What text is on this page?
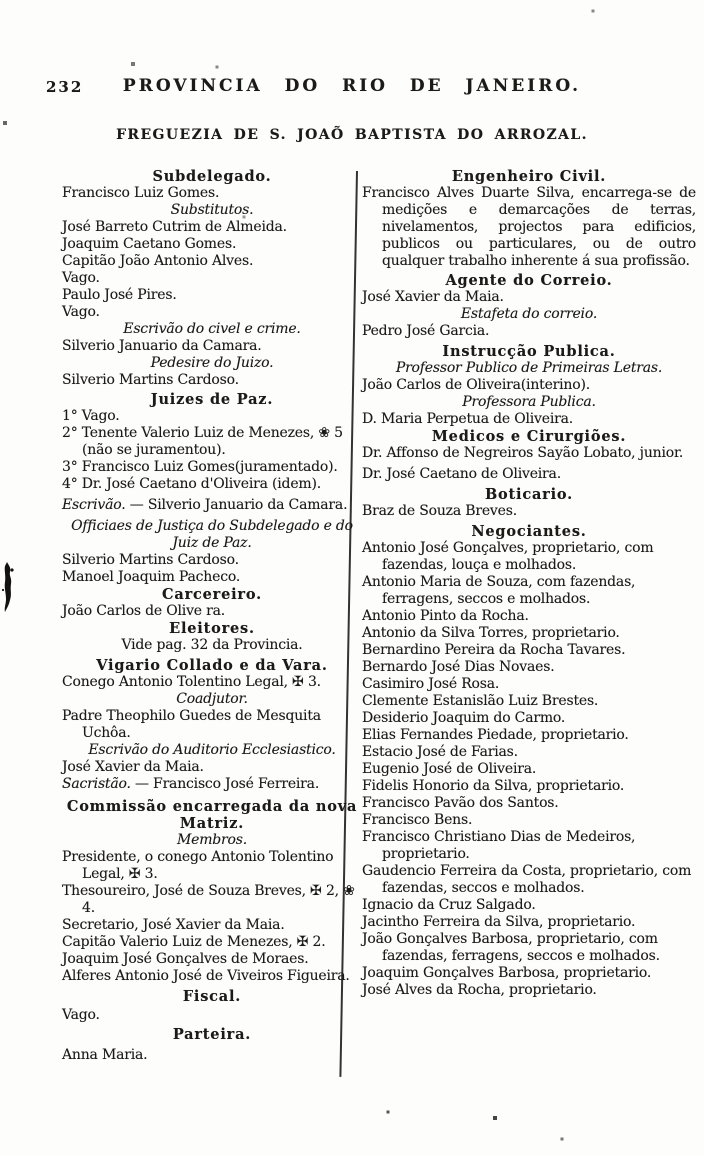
232	PROVINCIA DO RIO DE JANEIRO.
FREGUEZIA DE S. JOAÕ BAPTISTA DO ARROZAL.
Subdelegado.
Francisco Luiz Gomes.
Substitutos.
José Barreto Cutrim de Almeida.
Joaquim Caetano Gomes.
Capitão João Antonio Alves.
Vago.
Paulo José Pires.
Vago.
Escrivão do civel e crime.
Silverio Januario da Camara.
Pedesire do Juizo.
Silverio Martins Cardoso.
Juizes de Paz.
1° Vago.
2° Tenente Valerio Luiz de Menezes, ❀ 5 (não se juramentou).
3° Francisco Luiz Gomes(juramentado).
4° Dr. José Caetano d'Oliveira (idem).
Escrivão. — Silverio Januario da Camara.
Officiaes de Justiça do Subdelegado e do Juiz de Paz.
Silverio Martins Cardoso.
Manoel Joaquim Pacheco.
Carcereiro.
João Carlos de Olive ra.
Eleitores.
Vide pag. 32 da Provincia.
Vigario Collado e da Vara.
Conego Antonio Tolentino Legal, ✠ 3.
Coadjutor.
Padre Theophilo Guedes de Mesquita Uchôa.
Escrivão do Auditorio Ecclesiastico.
José Xavier da Maia.
Sacristão. — Francisco José Ferreira.
Commissão encarregada da nova Matriz.
Membros.
Presidente, o conego Antonio Tolentino Legal, ✠ 3.
Thesoureiro, José de Souza Breves, ✠ 2, ❀ 4.
Secretario, José Xavier da Maia.
Capitão Valerio Luiz de Menezes, ✠ 2.
Joaquim José Gonçalves de Moraes.
Alferes Antonio José de Viveiros Figueira.
Fiscal.
Vago.
Parteira.
Anna Maria.
Engenheiro Civil.
Francisco Alves Duarte Silva, encarrega-se de medições e demarcações de terras, nivelamentos, projectos para edificios, publicos ou particulares, ou de outro qualquer trabalho inherente á sua profissão.
Agente do Correio.
José Xavier da Maia.
Estafeta do correio.
Pedro José Garcia.
Instrucção Publica.
Professor Publico de Primeiras Letras.
João Carlos de Oliveira(interino).
Professora Publica.
D. Maria Perpetua de Oliveira.
Medicos e Cirurgiões.
Dr. Affonso de Negreiros Sayão Lobato, junior.
Dr. José Caetano de Oliveira.
Boticario.
Braz de Souza Breves.
Negociantes.
Antonio José Gonçalves, proprietario, com fazendas, louça e molhados.
Antonio Maria de Souza, com fazendas, ferragens, seccos e molhados.
Antonio Pinto da Rocha.
Antonio da Silva Torres, proprietario.
Bernardino Pereira da Rocha Tavares.
Bernardo José Dias Novaes.
Casimiro José Rosa.
Clemente Estanislão Luiz Brestes.
Desiderio Joaquim do Carmo.
Elias Fernandes Piedade, proprietario.
Estacio José de Farias.
Eugenio José de Oliveira.
Fidelis Honorio da Silva, proprietario.
Francisco Pavão dos Santos.
Francisco Bens.
Francisco Christiano Dias de Medeiros, proprietario.
Gaudencio Ferreira da Costa, proprietario, com fazendas, seccos e molhados.
Ignacio da Cruz Salgado.
Jacintho Ferreira da Silva, proprietario.
João Gonçalves Barbosa, proprietario, com fazendas, ferragens, seccos e molhados.
Joaquim Gonçalves Barbosa, proprietario.
José Alves da Rocha, proprietario.
